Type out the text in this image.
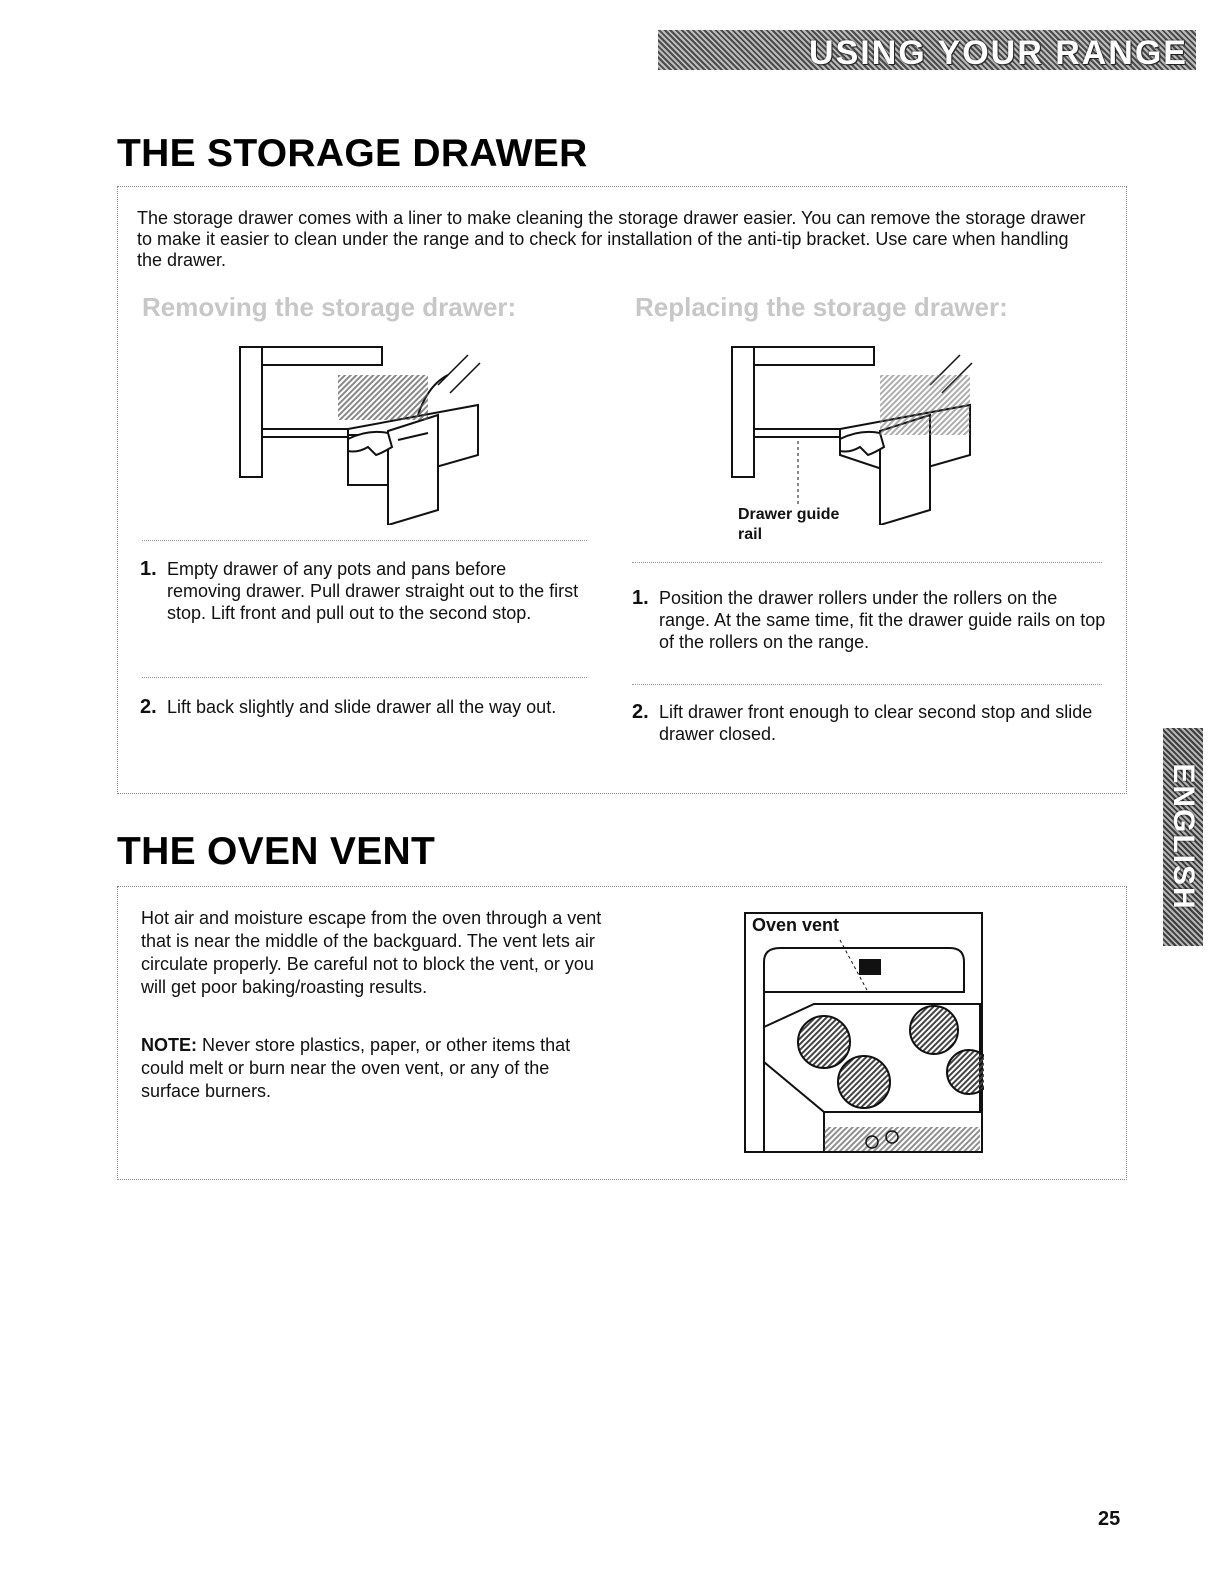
USING YOUR RANGE
THE STORAGE DRAWER

The storage drawer comes with a liner to make cleaning the storage drawer easier. You can remove the storage drawer to make it easier to clean under the range and to check for installation of the anti-tip bracket. Use care when handling the drawer.

Removing the storage drawer:	Replacing the storage drawer:
Drawer guide
rail
1. Empty drawer of any pots and pans before removing drawer. Pull drawer straight out to the first stop. Lift front and pull out to the second stop.
2. Lift back slightly and slide drawer all the way out.
1. Position the drawer rollers under the rollers on the range. At the same time, fit the drawer guide rails on top of the rollers on the range.
2. Lift drawer front enough to clear second stop and slide drawer closed.
THE OVEN VENT

Hot air and moisture escape from the oven through a vent that is near the middle of the backguard. The vent lets air circulate properly. Be careful not to block the vent, or you will get poor baking/roasting results.

NOTE: Never store plastics, paper, or other items that could melt or burn near the oven vent, or any of the surface burners.

Oven vent
ENGLISH
25
